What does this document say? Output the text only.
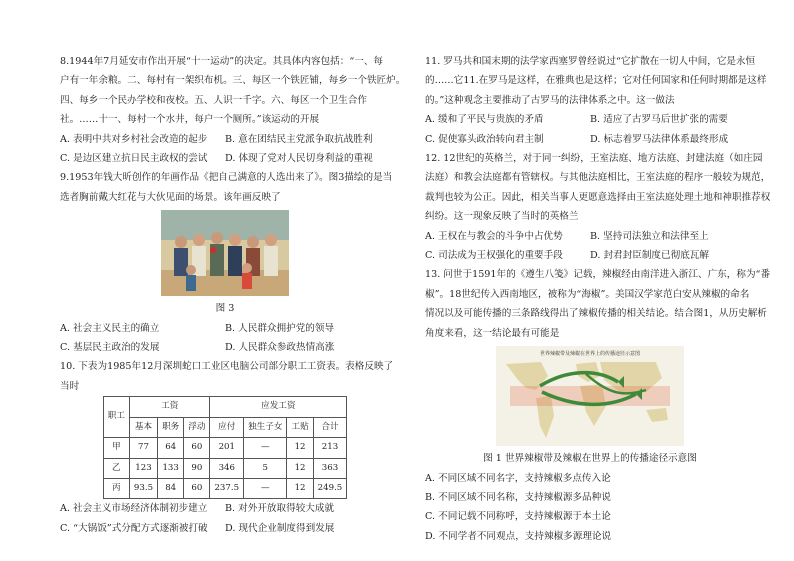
8.1944年7月延安市作出开展“十一运动”的决定。其具体内容包括：“一、每
户有一年余粮。二、每村有一架织布机。三、每区一个铁匠铺，每乡一个铁匠炉。
四、每乡一个民办学校和夜校。五、人识一千字。六、每区一个卫生合作
社。……十一、每村一个水井，每户一个厕所。”该运动的开展
A. 表明中共对乡村社会改造的起步	B. 意在团结民主党派争取抗战胜利
C. 是边区建立抗日民主政权的尝试	D. 体现了党对人民切身利益的重视
9.1953年钱大昕创作的年画作品《把自己满意的人选出来了》。图3描绘的是当
选者胸前戴大红花与大伙见面的场景。该年画反映了
图 3
A. 社会主义民主的确立	B. 人民群众拥护党的领导
C. 基层民主政治的发展	D. 人民群众参政热情高涨
10. 下表为1985年12月深圳蛇口工业区电脑公司部分职工工资表。表格反映了
当时
职工	工资			应发工资			
	基本	职务	浮动	应付	独生子女	工贴	合计
甲	77	64	60	201	—	12	213
乙	123	133	90	346	5	12	363
丙	93.5	84	60	237.5	—	12	249.5
A. 社会主义市场经济体制初步建立	B. 对外开放取得较大成就
C. “大锅饭”式分配方式逐渐被打破	D. 现代企业制度得到发展
11. 罗马共和国末期的法学家西塞罗曾经说过“它扩散在一切人中间，它是永恒
的……它11.在罗马是这样，在雅典也是这样；它对任何国家和任何时期都是这样
的。”这种观念主要推动了古罗马的法律体系之中。这一做法
A. 缓和了平民与贵族的矛盾	B. 适应了古罗马后世扩张的需要
C. 促使寡头政治转向君主制	D. 标志着罗马法律体系最终形成
12. 12世纪的英格兰，对于同一纠纷，王室法庭、地方法庭、封建法庭（如庄园
法庭）和教会法庭都有管辖权。与其他法庭相比，王室法庭的程序一般较为规范，
裁判也较为公正。因此，相关当事人更愿意选择由王室法庭处理土地和神职推荐权
纠纷。这一现象反映了当时的英格兰
A. 王权在与教会的斗争中占优势	B. 坚持司法独立和法律至上
C. 司法成为王权强化的重要手段	D. 封君封臣制度已彻底瓦解
13. 问世于1591年的《遵生八笺》记载，辣椒经由南洋进入浙江、广东，称为“番
椒”。18世纪传入西南地区，被称为“海椒”。美国汉学家范白安从辣椒的命名
情况以及可能传播的三条路线得出了辣椒传播的相关结论。结合图1，从历史解析
角度来看，这一结论最有可能是
世界辣椒带及辣椒在世界上的传播途径示意图
图 1 世界辣椒带及辣椒在世界上的传播途径示意图
A. 不同区域不同名字，支持辣椒多点传入论
B. 不同区域不同名称，支持辣椒源多品种说
C. 不同记载不同称呼，支持辣椒源于本土论
D. 不同学者不同观点，支持辣椒多源理论说
